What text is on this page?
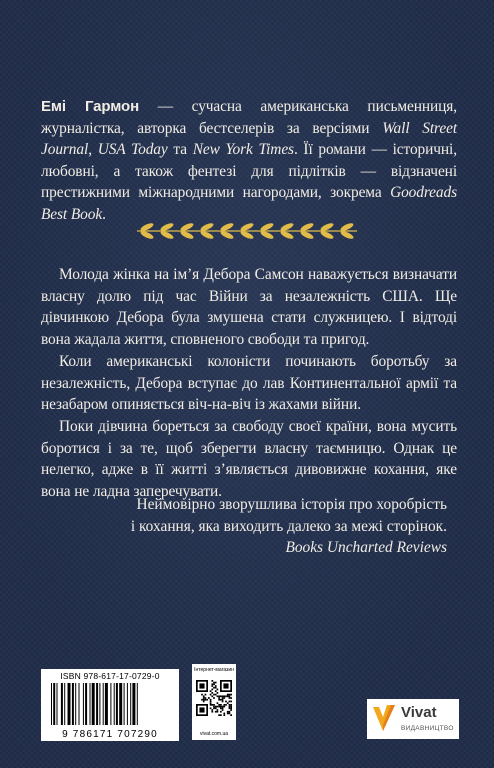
Емі Гармон — сучасна американська письменниця, журналістка, авторка бестселерів за версіями Wall Street Journal, USA Today та New York Times. Її романи — історичні, любовні, а також фентезі для підлітків — відзначені престижними міжнародними нагородами, зокрема Goodreads Best Book.

Молода жінка на ім’я Дебора Самсон наважується визначати власну долю під час Війни за незалежність США. Ще дівчинкою Дебора була змушена стати служницею. І відтоді вона жадала життя, сповненого свободи та пригод.

Коли американські колоністи починають боротьбу за незалежність, Дебора вступає до лав Континентальної армії та незабаром опиняється віч-на-віч із жахами війни.

Поки дівчина бореться за свободу своєї країни, вона мусить боротися і за те, щоб зберегти власну таємницю. Однак це нелегко, адже в її житті з’являється дивовижне кохання, яке вона не ладна заперечувати.

Неймовірно зворушлива історія про хоробрість
і кохання, яка виходить далеко за межі сторінок.
Books Uncharted Reviews
ISBN 978-617-17-0729-0
9 786171 707290
Інтернет-магазин
vivat.com.ua
Vivat
ВИДАВНИЦТВО
